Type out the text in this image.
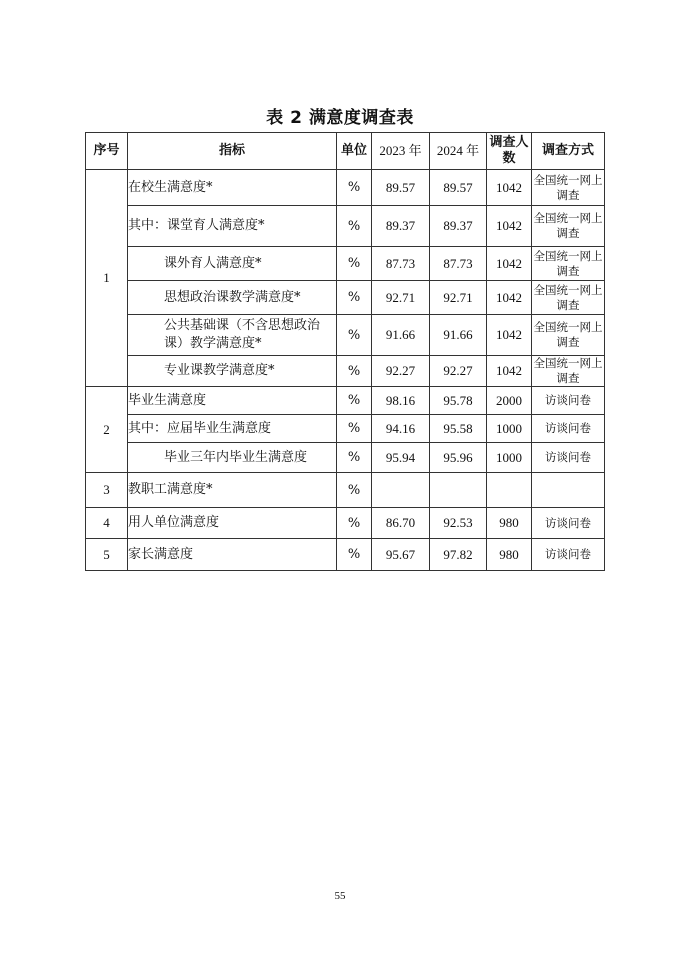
表 2 满意度调查表
序号	指标	单位	2023 年	2024 年	调查人数	调查方式
1	在校生满意度*	%	89.57	89.57	1042	全国统一网上调查
	其中：课堂育人满意度*	%	89.37	89.37	1042	全国统一网上调查
	课外育人满意度*	%	87.73	87.73	1042	全国统一网上调查
	思想政治课教学满意度*	%	92.71	92.71	1042	全国统一网上调查
	公共基础课（不含思想政治课）教学满意度*	%	91.66	91.66	1042	全国统一网上调查
	专业课教学满意度*	%	92.27	92.27	1042	全国统一网上调查
2	毕业生满意度	%	98.16	95.78	2000	访谈问卷
	其中：应届毕业生满意度	%	94.16	95.58	1000	访谈问卷
	毕业三年内毕业生满意度	%	95.94	95.96	1000	访谈问卷
3	教职工满意度*	%				
4	用人单位满意度	%	86.70	92.53	980	访谈问卷
5	家长满意度	%	95.67	97.82	980	访谈问卷
55
